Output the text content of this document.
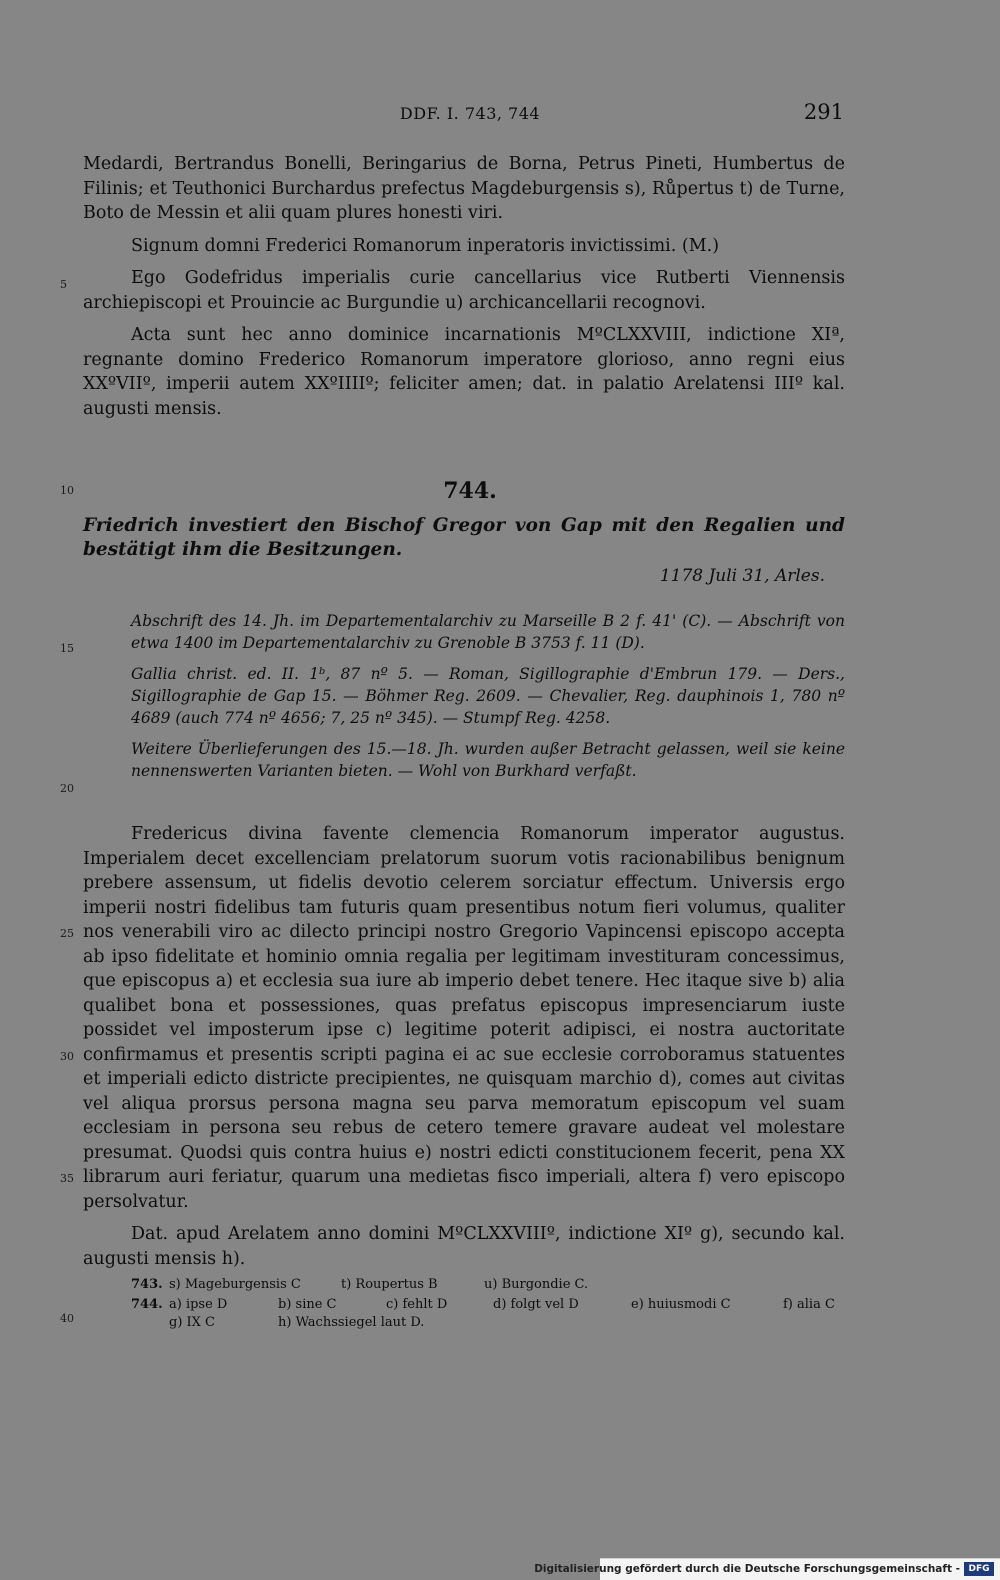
DDF. I. 743, 744	291
5
10
15
20
25
30
35
40

Medardi, Bertrandus Bonelli, Beringarius de Borna, Petrus Pineti, Humbertus de Filinis; et Teuthonici Burchardus prefectus Magdeburgensis s), Růpertus t) de Turne, Boto de Messin et alii quam plures honesti viri.

Signum domni Frederici Romanorum inperatoris invictissimi. (M.)

Ego Godefridus imperialis curie cancellarius vice Rutberti Viennensis archiepiscopi et Prouincie ac Burgundie u) archicancellarii recognovi.

Acta sunt hec anno dominice incarnationis MºCLXXVIII, indictione XIª, regnante domino Frederico Romanorum imperatore glorioso, anno regni eius XXºVIIº, imperii autem XXºIIIIº; feliciter amen; dat. in palatio Arelatensi IIIº kal. augusti mensis.

744.
Friedrich investiert den Bischof Gregor von Gap mit den Regalien und bestätigt ihm die Besitzungen.
1178 Juli 31, Arles.

Abschrift des 14. Jh. im Departementalarchiv zu Marseille B 2 f. 41' (C). — Abschrift von etwa 1400 im Departementalarchiv zu Grenoble B 3753 f. 11 (D).

Gallia christ. ed. II. 1ᵇ, 87 nº 5. — Roman, Sigillographie d'Embrun 179. — Ders., Sigillographie de Gap 15. — Böhmer Reg. 2609. — Chevalier, Reg. dauphinois 1, 780 nº 4689 (auch 774 nº 4656; 7, 25 nº 345). — Stumpf Reg. 4258.

Weitere Überlieferungen des 15.—18. Jh. wurden außer Betracht gelassen, weil sie keine nennenswerten Varianten bieten. — Wohl von Burkhard verfaßt.

Fredericus divina favente clemencia Romanorum imperator augustus. Imperialem decet excellenciam prelatorum suorum votis racionabilibus benignum prebere assensum, ut fidelis devotio celerem sorciatur effectum. Universis ergo imperii nostri fidelibus tam futuris quam presentibus notum fieri volumus, qualiter nos venerabili viro ac dilecto principi nostro Gregorio Vapincensi episcopo accepta ab ipso fidelitate et hominio omnia regalia per legitimam investituram concessimus, que episcopus a) et ecclesia sua iure ab imperio debet tenere. Hec itaque sive b) alia qualibet bona et possessiones, quas prefatus episcopus impresenciarum iuste possidet vel imposterum ipse c) legitime poterit adipisci, ei nostra auctoritate confirmamus et presentis scripti pagina ei ac sue ecclesie corroboramus statuentes et imperiali edicto districte precipientes, ne quisquam marchio d), comes aut civitas vel aliqua prorsus persona magna seu parva memoratum episcopum vel suam ecclesiam in persona seu rebus de cetero temere gravare audeat vel molestare presumat. Quodsi quis contra huius e) nostri edicti constitucionem fecerit, pena XX librarum auri feriatur, quarum una medietas fisco imperiali, altera f) vero episcopo persolvatur.

Dat. apud Arelatem anno domini MºCLXXVIIIº, indictione XIº g), secundo kal. augusti mensis h).

743. s) Mageburgensis C	t) Roupertus B	u) Burgondie C.
744. a) ipse D	b) sine C	c) fehlt D	d) folgt vel D	e) huiusmodi C	f) alia C
g) IX C	h) Wachssiegel laut D.
Digitalisierung gefördert durch die Deutsche Forschungsgemeinschaft - DFG
